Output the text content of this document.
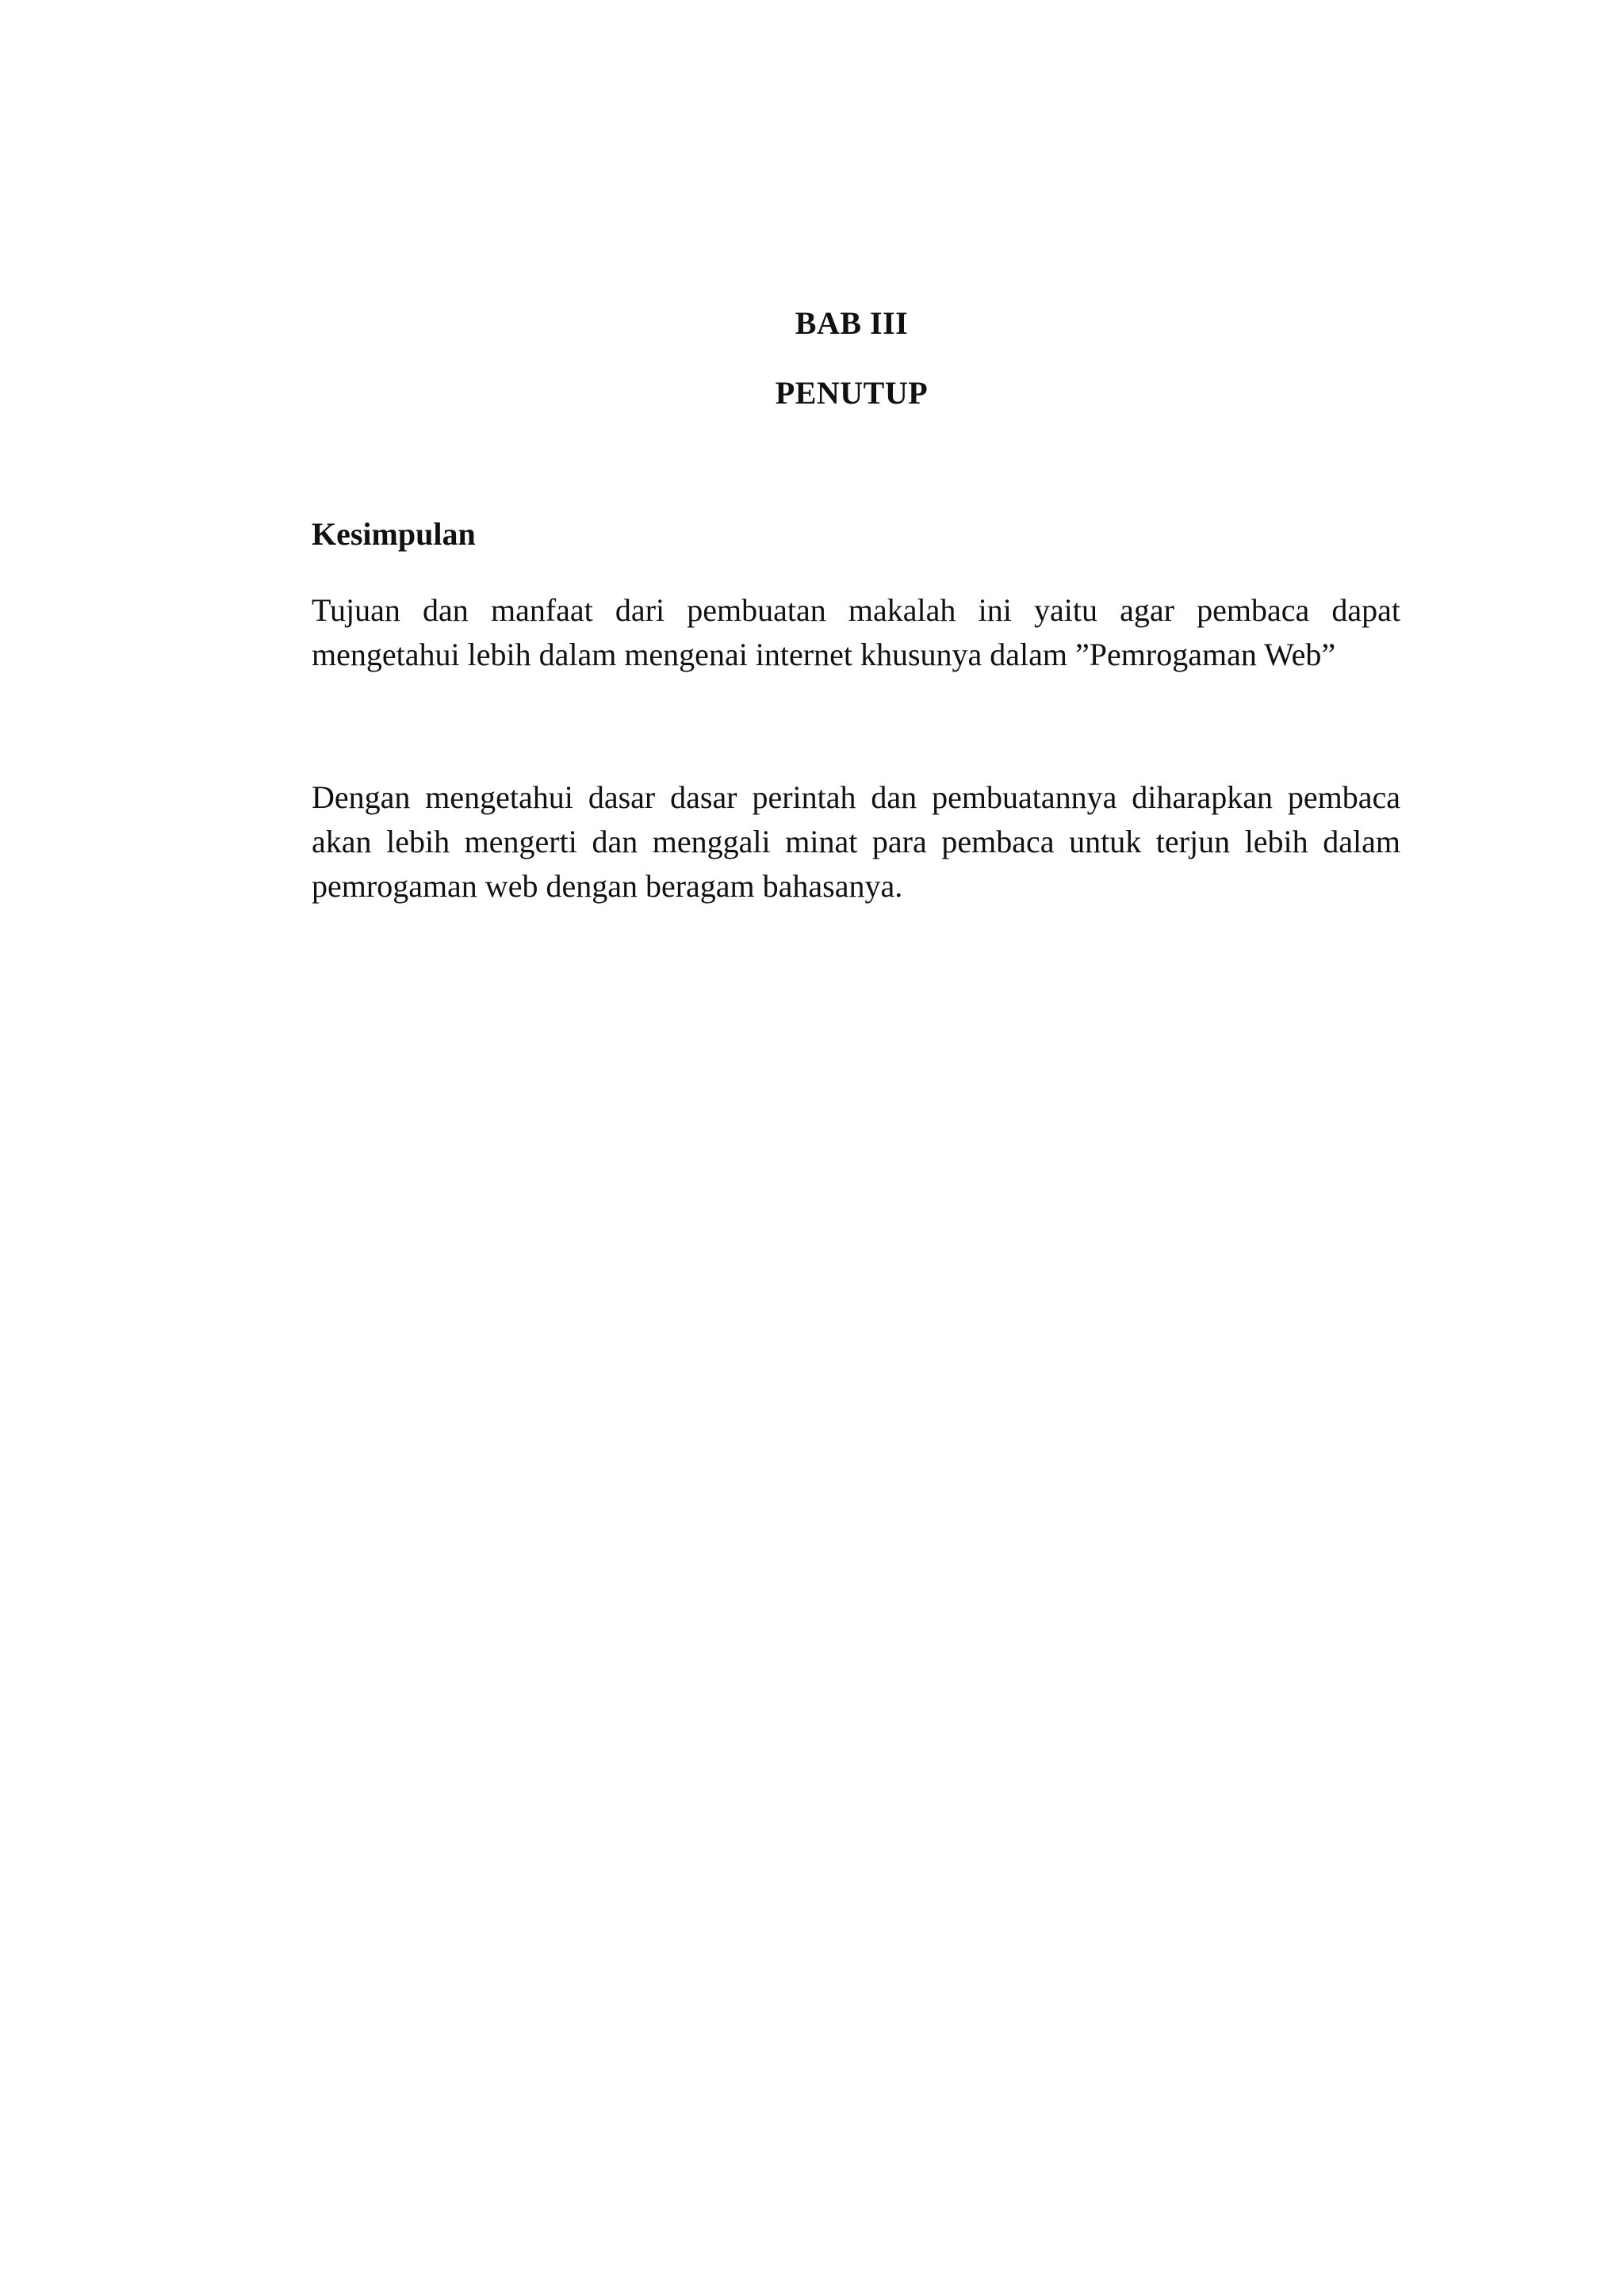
BAB III
PENUTUP
Kesimpulan

Tujuan dan manfaat dari pembuatan makalah ini yaitu agar pembaca dapat mengetahui lebih dalam mengenai internet khusunya dalam ”Pemrogaman Web”

Dengan mengetahui dasar dasar perintah dan pembuatannya diharapkan pembaca akan lebih mengerti dan menggali minat para pembaca untuk terjun lebih dalam pemrogaman web dengan beragam bahasanya.
